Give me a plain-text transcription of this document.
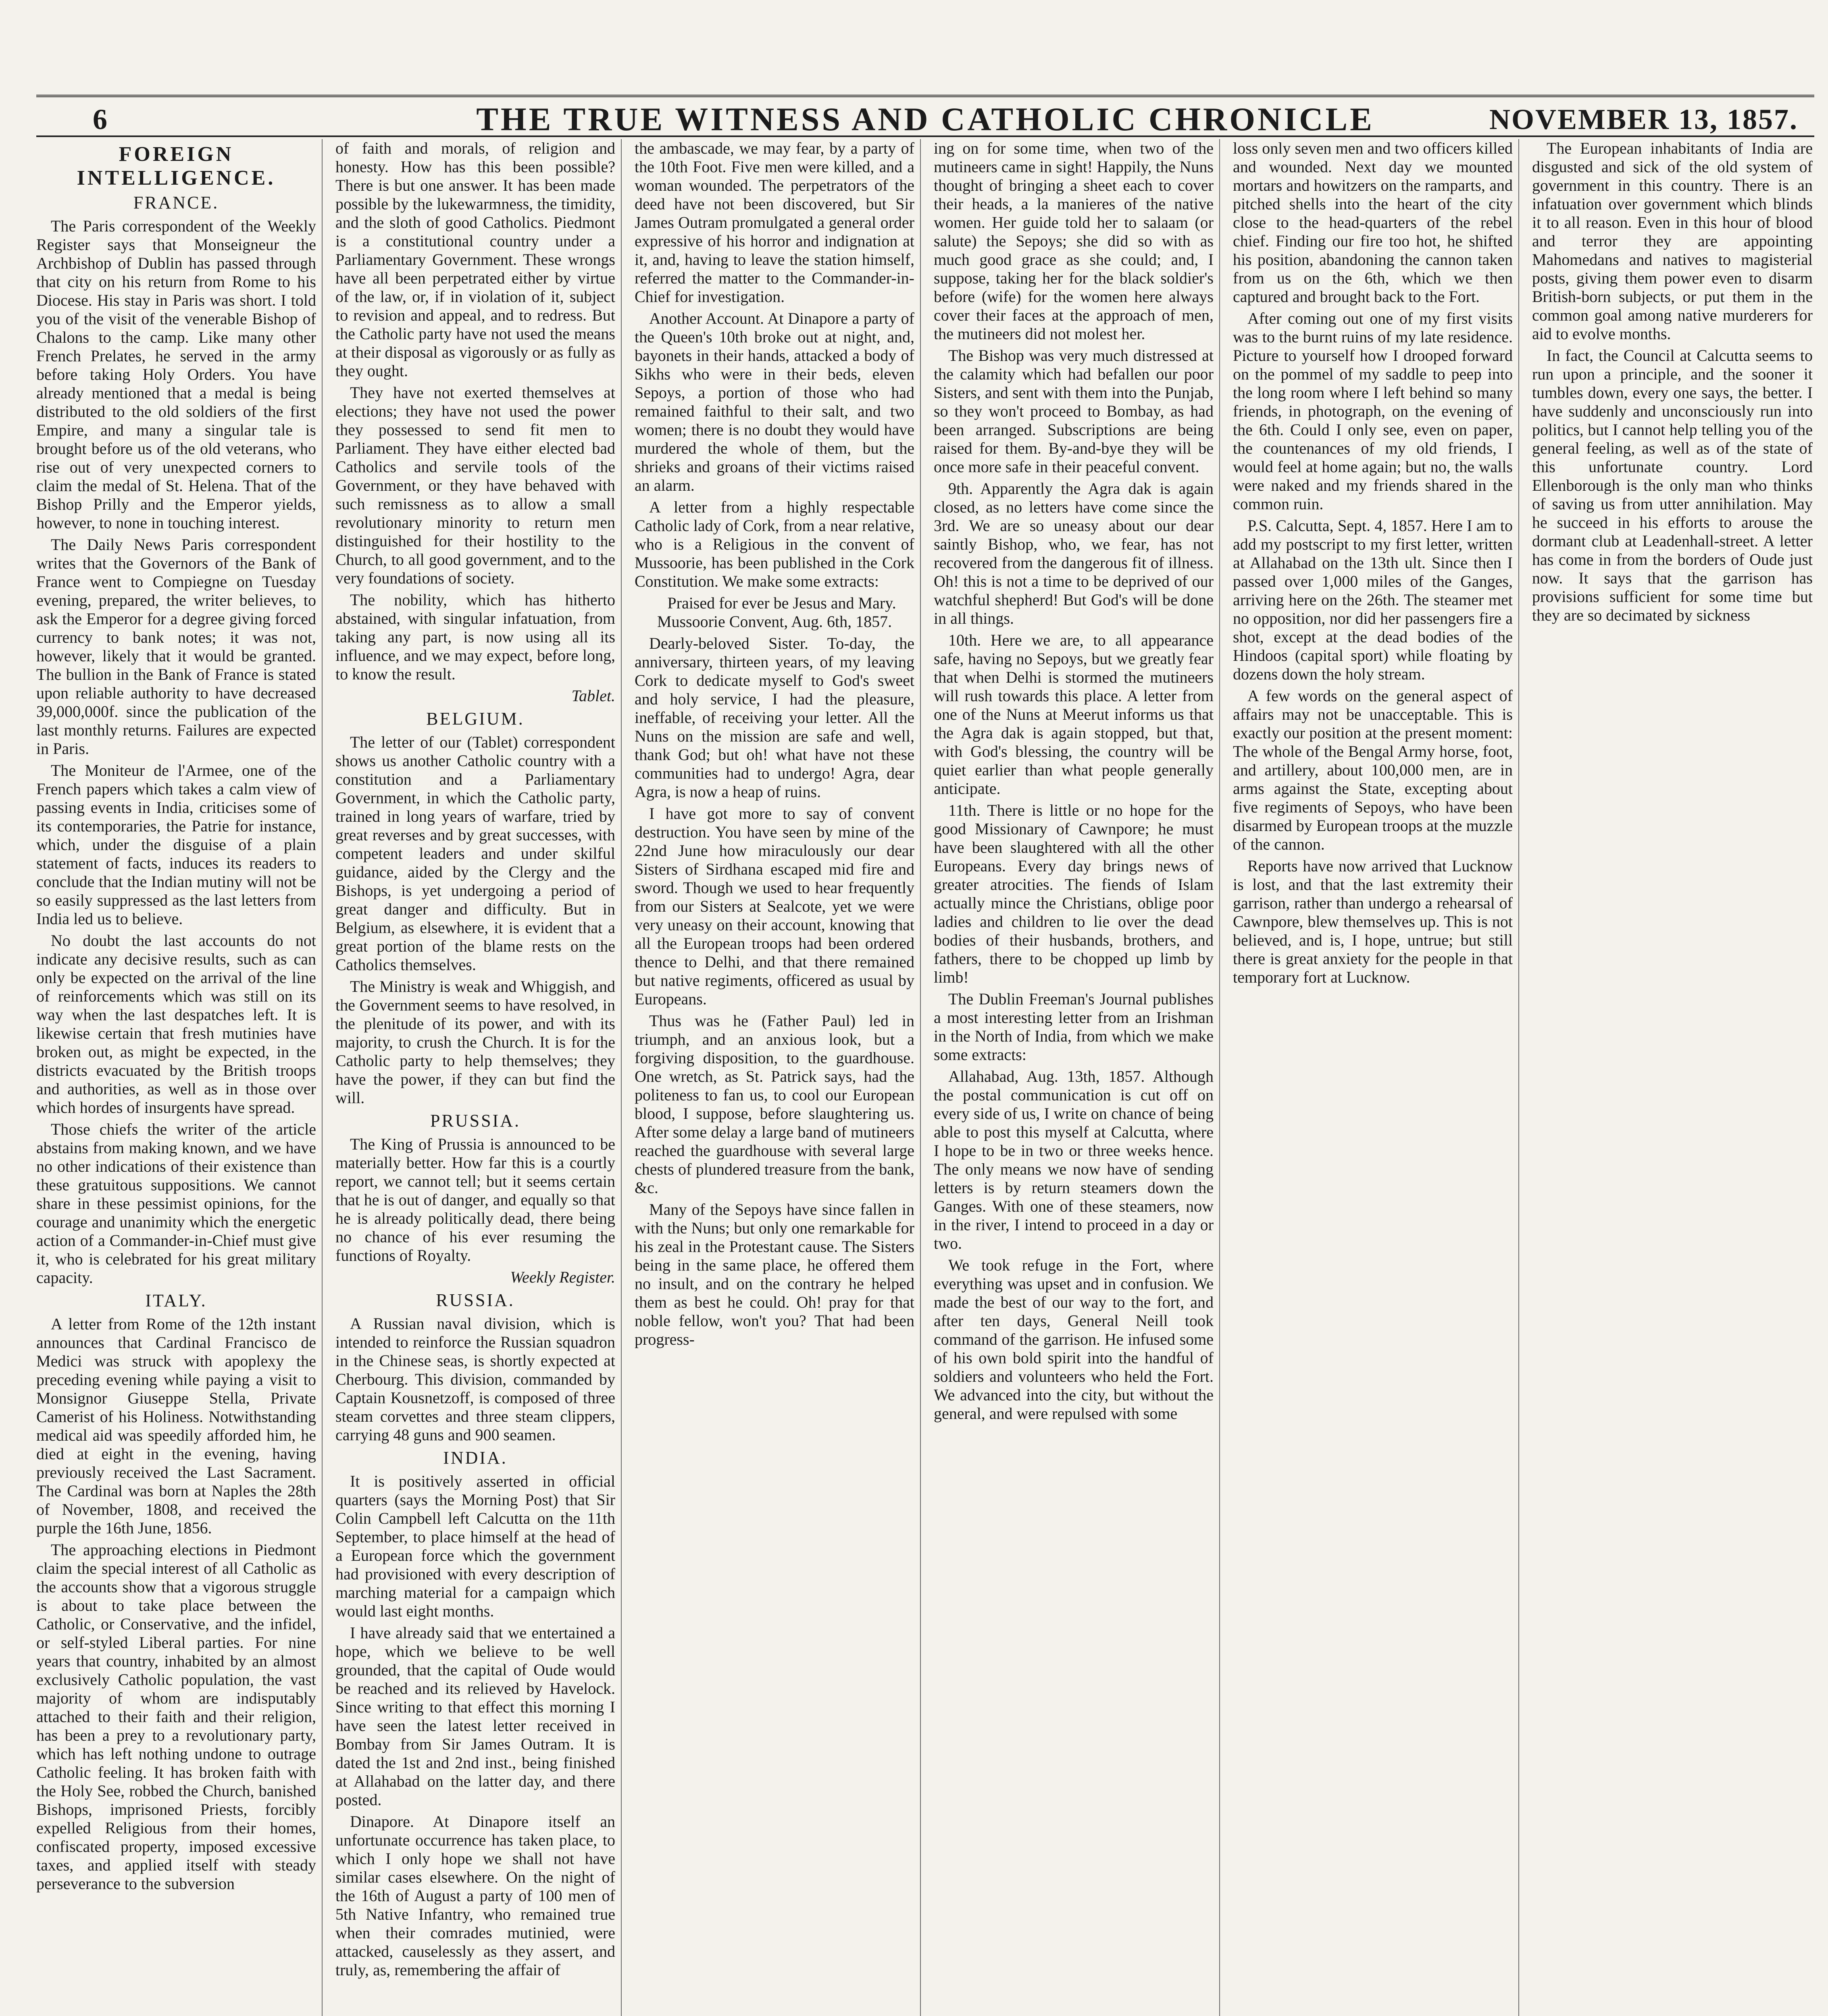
6	THE TRUE WITNESS AND CATHOLIC CHRONICLE	NOVEMBER 13, 1857.
FOREIGN INTELLIGENCE.
FRANCE.

The Paris correspondent of the Weekly Register says that Monseigneur the Archbishop of Dublin has passed through that city on his return from Rome to his Diocese. His stay in Paris was short. I told you of the visit of the venerable Bishop of Chalons to the camp. Like many other French Prelates, he served in the army before taking Holy Orders. You have already mentioned that a medal is being distributed to the old soldiers of the first Empire, and many a singular tale is brought before us of the old veterans, who rise out of very unexpected corners to claim the medal of St. Helena. That of the Bishop Prilly and the Emperor yields, however, to none in touching interest.

The Daily News Paris correspondent writes that the Governors of the Bank of France went to Compiegne on Tuesday evening, prepared, the writer believes, to ask the Emperor for a degree giving forced currency to bank notes; it was not, however, likely that it would be granted. The bullion in the Bank of France is stated upon reliable authority to have decreased 39,000,000f. since the publication of the last monthly returns. Failures are expected in Paris.

The Moniteur de l'Armee, one of the French papers which takes a calm view of passing events in India, criticises some of its contemporaries, the Patrie for instance, which, under the disguise of a plain statement of facts, induces its readers to conclude that the Indian mutiny will not be so easily suppressed as the last letters from India led us to believe.

No doubt the last accounts do not indicate any decisive results, such as can only be expected on the arrival of the line of reinforcements which was still on its way when the last despatches left. It is likewise certain that fresh mutinies have broken out, as might be expected, in the districts evacuated by the British troops and authorities, as well as in those over which hordes of insurgents have spread.

Those chiefs the writer of the article abstains from making known, and we have no other indications of their existence than these gratuitous suppositions. We cannot share in these pessimist opinions, for the courage and unanimity which the energetic action of a Commander-in-Chief must give it, who is celebrated for his great military capacity.

ITALY.

A letter from Rome of the 12th instant announces that Cardinal Francisco de Medici was struck with apoplexy the preceding evening while paying a visit to Monsignor Giuseppe Stella, Private Camerist of his Holiness. Notwithstanding medical aid was speedily afforded him, he died at eight in the evening, having previously received the Last Sacrament. The Cardinal was born at Naples the 28th of November, 1808, and received the purple the 16th June, 1856.

The approaching elections in Piedmont claim the special interest of all Catholic as the accounts show that a vigorous struggle is about to take place between the Catholic, or Conservative, and the infidel, or self-styled Liberal parties. For nine years that country, inhabited by an almost exclusively Catholic population, the vast majority of whom are indisputably attached to their faith and their religion, has been a prey to a revolutionary party, which has left nothing undone to outrage Catholic feeling. It has broken faith with the Holy See, robbed the Church, banished Bishops, imprisoned Priests, forcibly expelled Religious from their homes, confiscated property, imposed excessive taxes, and applied itself with steady perseverance to the subversion

of faith and morals, of religion and honesty. How has this been possible? There is but one answer. It has been made possible by the lukewarmness, the timidity, and the sloth of good Catholics. Piedmont is a constitutional country under a Parliamentary Government. These wrongs have all been perpetrated either by virtue of the law, or, if in violation of it, subject to revision and appeal, and to redress. But the Catholic party have not used the means at their disposal as vigorously or as fully as they ought.

They have not exerted themselves at elections; they have not used the power they possessed to send fit men to Parliament. They have either elected bad Catholics and servile tools of the Government, or they have behaved with such remissness as to allow a small revolutionary minority to return men distinguished for their hostility to the Church, to all good government, and to the very foundations of society.

The nobility, which has hitherto abstained, with singular infatuation, from taking any part, is now using all its influence, and we may expect, before long, to know the result.

Tablet.

BELGIUM.

The letter of our (Tablet) correspondent shows us another Catholic country with a constitution and a Parliamentary Government, in which the Catholic party, trained in long years of warfare, tried by great reverses and by great successes, with competent leaders and under skilful guidance, aided by the Clergy and the Bishops, is yet undergoing a period of great danger and difficulty. But in Belgium, as elsewhere, it is evident that a great portion of the blame rests on the Catholics themselves.

The Ministry is weak and Whiggish, and the Government seems to have resolved, in the plenitude of its power, and with its majority, to crush the Church. It is for the Catholic party to help themselves; they have the power, if they can but find the will.

PRUSSIA.

The King of Prussia is announced to be materially better. How far this is a courtly report, we cannot tell; but it seems certain that he is out of danger, and equally so that he is already politically dead, there being no chance of his ever resuming the functions of Royalty.

Weekly Register.

RUSSIA.

A Russian naval division, which is intended to reinforce the Russian squadron in the Chinese seas, is shortly expected at Cherbourg. This division, commanded by Captain Kousnetzoff, is composed of three steam corvettes and three steam clippers, carrying 48 guns and 900 seamen.

INDIA.

It is positively asserted in official quarters (says the Morning Post) that Sir Colin Campbell left Calcutta on the 11th September, to place himself at the head of a European force which the government had provisioned with every description of marching material for a campaign which would last eight months.

I have already said that we entertained a hope, which we believe to be well grounded, that the capital of Oude would be reached and its relieved by Havelock. Since writing to that effect this morning I have seen the latest letter received in Bombay from Sir James Outram. It is dated the 1st and 2nd inst., being finished at Allahabad on the latter day, and there posted.

Dinapore. At Dinapore itself an unfortunate occurrence has taken place, to which I only hope we shall not have similar cases elsewhere. On the night of the 16th of August a party of 100 men of 5th Native Infantry, who remained true when their comrades mutinied, were attacked, causelessly as they assert, and truly, as, remembering the affair of

the ambascade, we may fear, by a party of the 10th Foot. Five men were killed, and a woman wounded. The perpetrators of the deed have not been discovered, but Sir James Outram promulgated a general order expressive of his horror and indignation at it, and, having to leave the station himself, referred the matter to the Commander-in-Chief for investigation.

Another Account. At Dinapore a party of the Queen's 10th broke out at night, and, bayonets in their hands, attacked a body of Sikhs who were in their beds, eleven Sepoys, a portion of those who had remained faithful to their salt, and two women; there is no doubt they would have murdered the whole of them, but the shrieks and groans of their victims raised an alarm.

A letter from a highly respectable Catholic lady of Cork, from a near relative, who is a Religious in the convent of Mussoorie, has been published in the Cork Constitution. We make some extracts:

Praised for ever be Jesus and Mary. Mussoorie Convent, Aug. 6th, 1857.

Dearly-beloved Sister. To-day, the anniversary, thirteen years, of my leaving Cork to dedicate myself to God's sweet and holy service, I had the pleasure, ineffable, of receiving your letter. All the Nuns on the mission are safe and well, thank God; but oh! what have not these communities had to undergo! Agra, dear Agra, is now a heap of ruins.

I have got more to say of convent destruction. You have seen by mine of the 22nd June how miraculously our dear Sisters of Sirdhana escaped mid fire and sword. Though we used to hear frequently from our Sisters at Sealcote, yet we were very uneasy on their account, knowing that all the European troops had been ordered thence to Delhi, and that there remained but native regiments, officered as usual by Europeans.

Thus was he (Father Paul) led in triumph, and an anxious look, but a forgiving disposition, to the guardhouse. One wretch, as St. Patrick says, had the politeness to fan us, to cool our European blood, I suppose, before slaughtering us. After some delay a large band of mutineers reached the guardhouse with several large chests of plundered treasure from the bank, &c.

Many of the Sepoys have since fallen in with the Nuns; but only one remarkable for his zeal in the Protestant cause. The Sisters being in the same place, he offered them no insult, and on the contrary he helped them as best he could. Oh! pray for that noble fellow, won't you? That had been progress-

ing on for some time, when two of the mutineers came in sight! Happily, the Nuns thought of bringing a sheet each to cover their heads, a la manieres of the native women. Her guide told her to salaam (or salute) the Sepoys; she did so with as much good grace as she could; and, I suppose, taking her for the black soldier's before (wife) for the women here always cover their faces at the approach of men, the mutineers did not molest her.

The Bishop was very much distressed at the calamity which had befallen our poor Sisters, and sent with them into the Punjab, so they won't proceed to Bombay, as had been arranged. Subscriptions are being raised for them. By-and-bye they will be once more safe in their peaceful convent.

9th. Apparently the Agra dak is again closed, as no letters have come since the 3rd. We are so uneasy about our dear saintly Bishop, who, we fear, has not recovered from the dangerous fit of illness. Oh! this is not a time to be deprived of our watchful shepherd! But God's will be done in all things.

10th. Here we are, to all appearance safe, having no Sepoys, but we greatly fear that when Delhi is stormed the mutineers will rush towards this place. A letter from one of the Nuns at Meerut informs us that the Agra dak is again stopped, but that, with God's blessing, the country will be quiet earlier than what people generally anticipate.

11th. There is little or no hope for the good Missionary of Cawnpore; he must have been slaughtered with all the other Europeans. Every day brings news of greater atrocities. The fiends of Islam actually mince the Christians, oblige poor ladies and children to lie over the dead bodies of their husbands, brothers, and fathers, there to be chopped up limb by limb!

The Dublin Freeman's Journal publishes a most interesting letter from an Irishman in the North of India, from which we make some extracts:

Allahabad, Aug. 13th, 1857. Although the postal communication is cut off on every side of us, I write on chance of being able to post this myself at Calcutta, where I hope to be in two or three weeks hence. The only means we now have of sending letters is by return steamers down the Ganges. With one of these steamers, now in the river, I intend to proceed in a day or two.

We took refuge in the Fort, where everything was upset and in confusion. We made the best of our way to the fort, and after ten days, General Neill took command of the garrison. He infused some of his own bold spirit into the handful of soldiers and volunteers who held the Fort. We advanced into the city, but without the general, and were repulsed with some

loss only seven men and two officers killed and wounded. Next day we mounted mortars and howitzers on the ramparts, and pitched shells into the heart of the city close to the head-quarters of the rebel chief. Finding our fire too hot, he shifted his position, abandoning the cannon taken from us on the 6th, which we then captured and brought back to the Fort.

After coming out one of my first visits was to the burnt ruins of my late residence. Picture to yourself how I drooped forward on the pommel of my saddle to peep into the long room where I left behind so many friends, in photograph, on the evening of the 6th. Could I only see, even on paper, the countenances of my old friends, I would feel at home again; but no, the walls were naked and my friends shared in the common ruin.

P.S. Calcutta, Sept. 4, 1857. Here I am to add my postscript to my first letter, written at Allahabad on the 13th ult. Since then I passed over 1,000 miles of the Ganges, arriving here on the 26th. The steamer met no opposition, nor did her passengers fire a shot, except at the dead bodies of the Hindoos (capital sport) while floating by dozens down the holy stream.

A few words on the general aspect of affairs may not be unacceptable. This is exactly our position at the present moment: The whole of the Bengal Army horse, foot, and artillery, about 100,000 men, are in arms against the State, excepting about five regiments of Sepoys, who have been disarmed by European troops at the muzzle of the cannon.

Reports have now arrived that Lucknow is lost, and that the last extremity their garrison, rather than undergo a rehearsal of Cawnpore, blew themselves up. This is not believed, and is, I hope, untrue; but still there is great anxiety for the people in that temporary fort at Lucknow.

The European inhabitants of India are disgusted and sick of the old system of government in this country. There is an infatuation over government which blinds it to all reason. Even in this hour of blood and terror they are appointing Mahomedans and natives to magisterial posts, giving them power even to disarm British-born subjects, or put them in the common goal among native murderers for aid to evolve months.

In fact, the Council at Calcutta seems to run upon a principle, and the sooner it tumbles down, every one says, the better. I have suddenly and unconsciously run into politics, but I cannot help telling you of the general feeling, as well as of the state of this unfortunate country. Lord Ellenborough is the only man who thinks of saving us from utter annihilation. May he succeed in his efforts to arouse the dormant club at Leadenhall-street. A letter has come in from the borders of Oude just now. It says that the garrison has provisions sufficient for some time but they are so decimated by sickness
